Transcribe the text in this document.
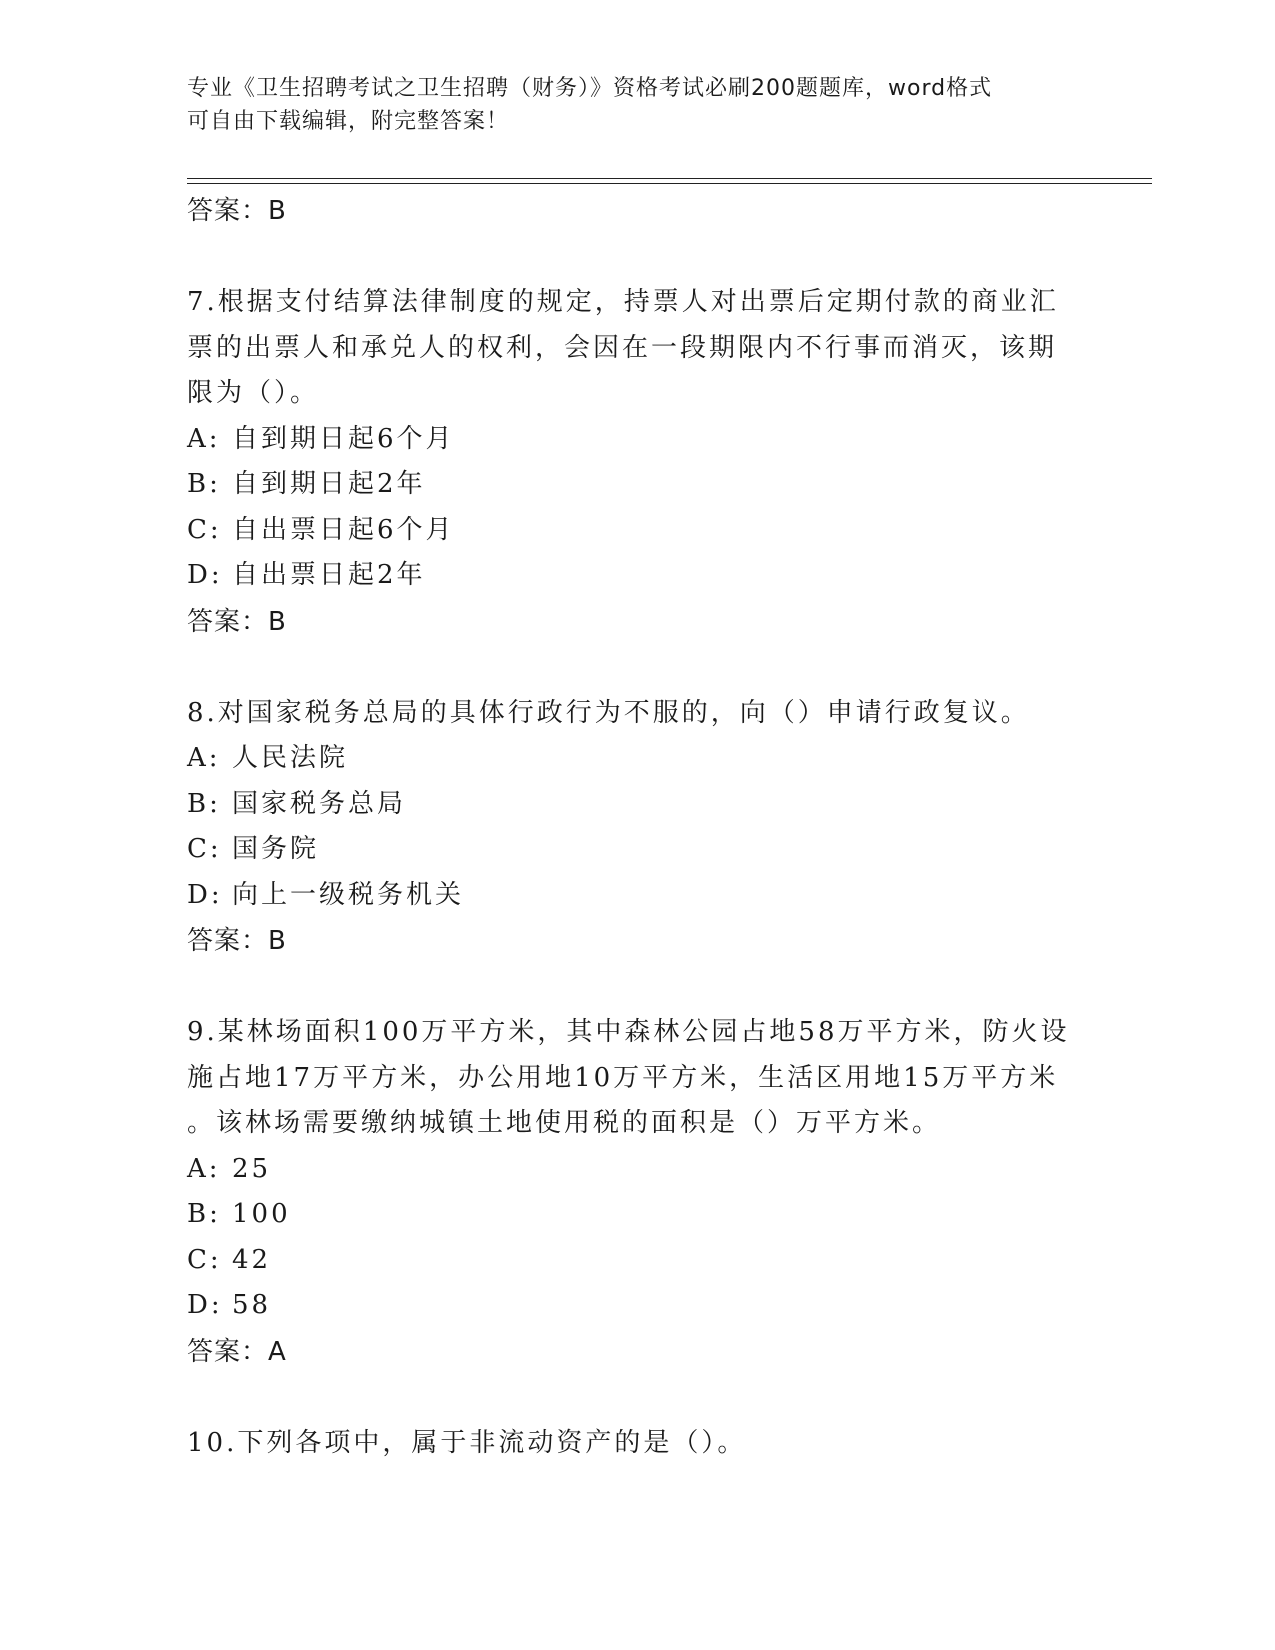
专业《卫生招聘考试之卫生招聘（财务）》资格考试必刷200题题库，word格式
可自由下载编辑，附完整答案！
答案：B
7.根据支付结算法律制度的规定，持票人对出票后定期付款的商业汇
票的出票人和承兑人的权利，会因在一段期限内不行事而消灭，该期
限为（）。
A: 自到期日起6个月
B: 自到期日起2年
C: 自出票日起6个月
D: 自出票日起2年
答案：B
8.对国家税务总局的具体行政行为不服的，向（）申请行政复议。
A: 人民法院
B: 国家税务总局
C: 国务院
D: 向上一级税务机关
答案：B
9.某林场面积100万平方米，其中森林公园占地58万平方米，防火设
施占地17万平方米，办公用地10万平方米，生活区用地15万平方米
。该林场需要缴纳城镇土地使用税的面积是（）万平方米。
A: 25
B: 100
C: 42
D: 58
答案：A
10.下列各项中，属于非流动资产的是（）。
